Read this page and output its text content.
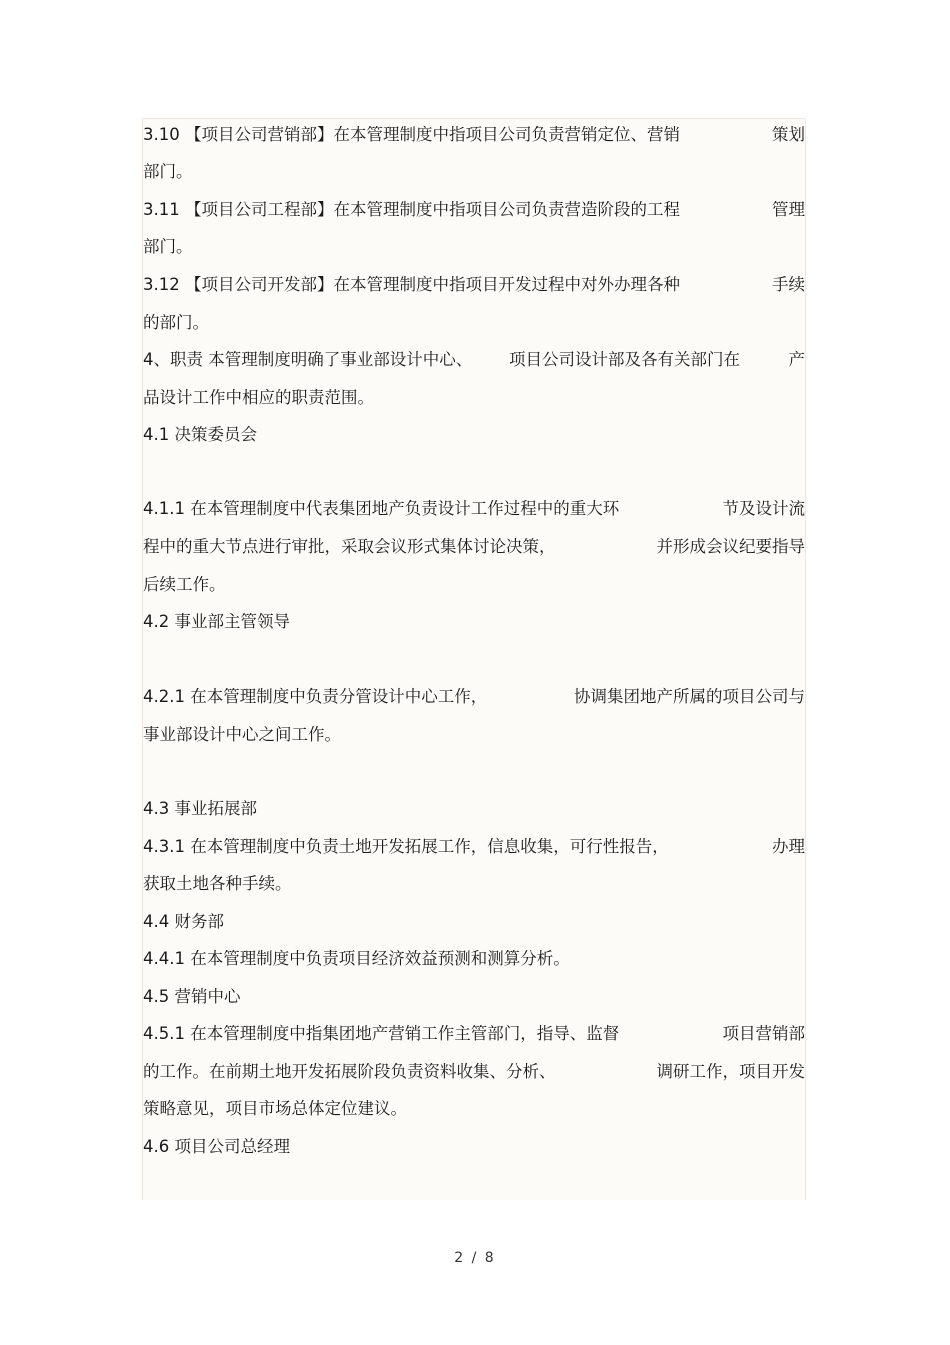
3.10 【项目公司营销部】在本管理制度中指项目公司负责营销定位、营销	策划
部门。
3.11 【项目公司工程部】在本管理制度中指项目公司负责营造阶段的工程	管理
部门。
3.12 【项目公司开发部】在本管理制度中指项目开发过程中对外办理各种	手续
的部门。
4、职责 本管理制度明确了事业部设计中心、 项目公司设计部及各有关部门在	产
品设计工作中相应的职责范围。
4.1 决策委员会
4.1.1 在本管理制度中代表集团地产负责设计工作过程中的重大环	节及设计流
程中的重大节点进行审批，采取会议形式集体讨论决策，	并形成会议纪要指导
后续工作。
4.2 事业部主管领导
4.2.1 在本管理制度中负责分管设计中心工作，	协调集团地产所属的项目公司与
事业部设计中心之间工作。
4.3 事业拓展部
4.3.1 在本管理制度中负责土地开发拓展工作，信息收集，可行性报告，	办理
获取土地各种手续。
4.4 财务部
4.4.1 在本管理制度中负责项目经济效益预测和测算分析。
4.5 营销中心
4.5.1 在本管理制度中指集团地产营销工作主管部门，指导、监督	项目营销部
的工作。在前期土地开发拓展阶段负责资料收集、分析、	调研工作，项目开发
策略意见，项目市场总体定位建议。
4.6 项目公司总经理
2 / 8
